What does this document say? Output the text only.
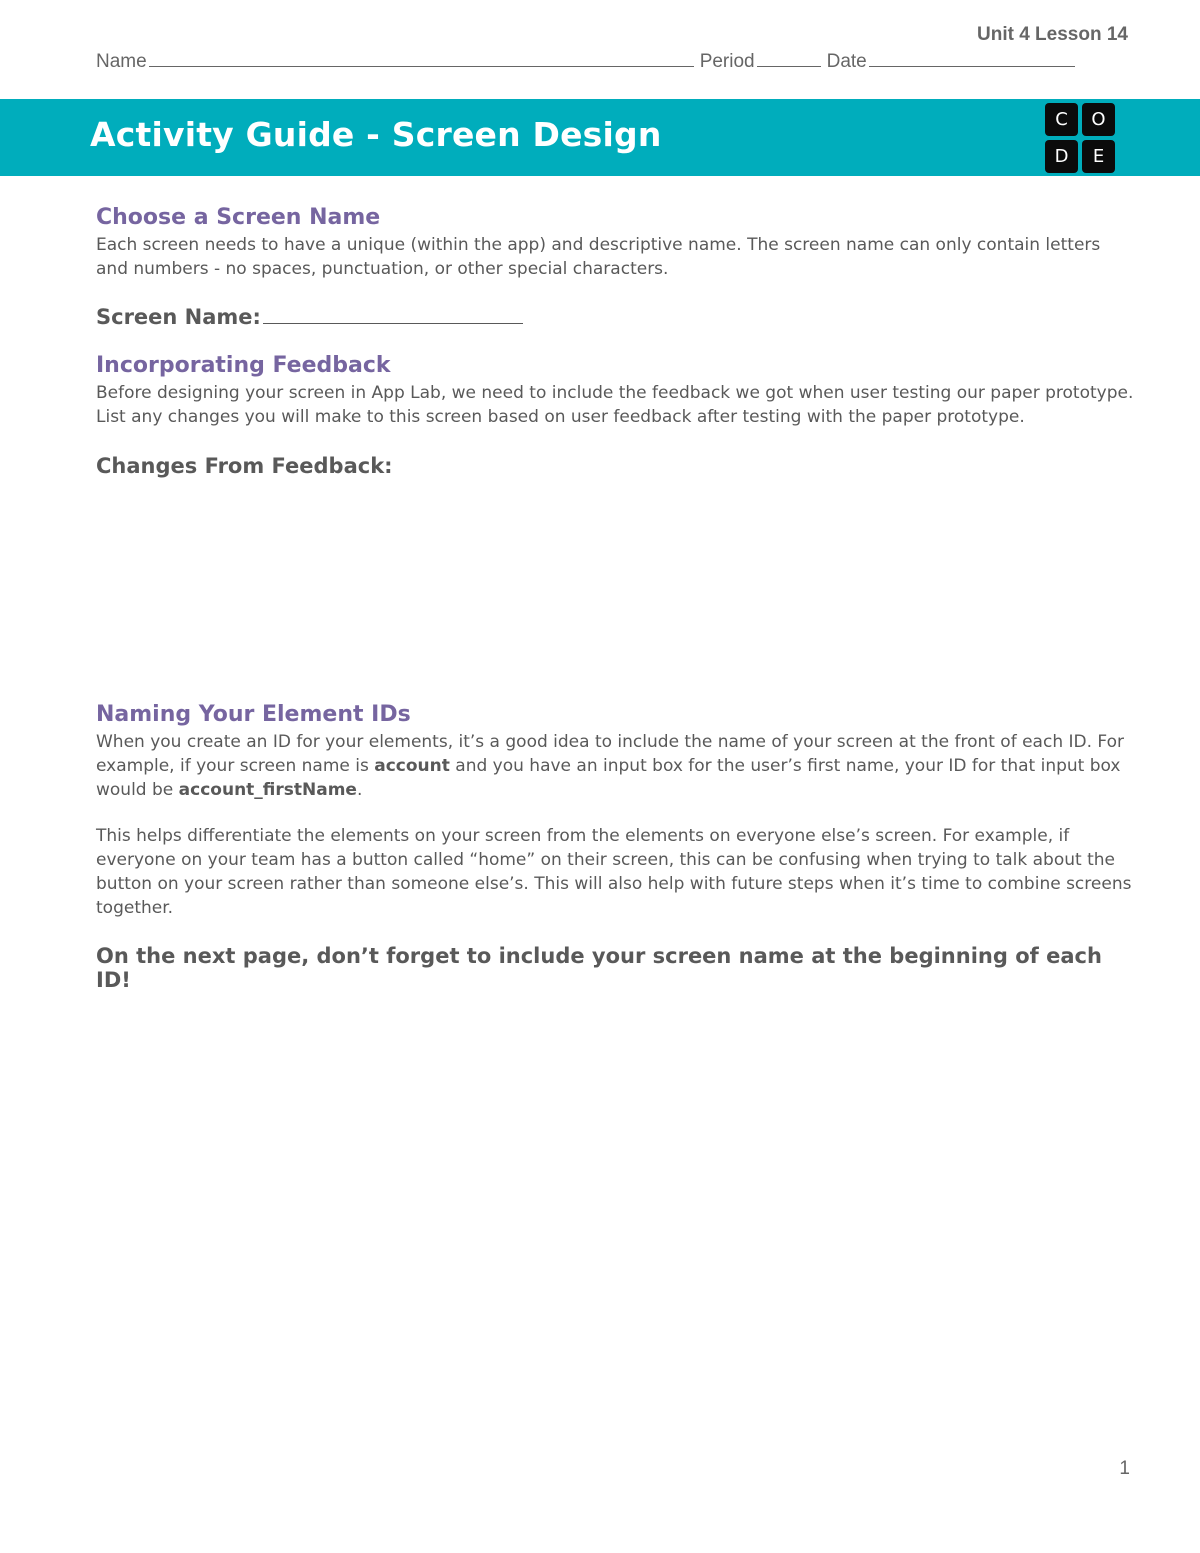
Unit 4 Lesson 14
Name	Period	Date
Activity Guide - Screen Design	C	O
D	E
Choose a Screen Name

Each screen needs to have a unique (within the app) and descriptive name. The screen name can only contain letters and numbers - no spaces, punctuation, or other special characters.

Screen Name:
Incorporating Feedback

Before designing your screen in App Lab, we need to include the feedback we got when user testing our paper prototype. List any changes you will make to this screen based on user feedback after testing with the paper prototype.

Changes From Feedback:
Naming Your Element IDs

When you create an ID for your elements, it’s a good idea to include the name of your screen at the front of each ID. For example, if your screen name is account and you have an input box for the user’s first name, your ID for that input box would be account_firstName.

This helps differentiate the elements on your screen from the elements on everyone else’s screen. For example, if everyone on your team has a button called “home” on their screen, this can be confusing when trying to talk about the button on your screen rather than someone else’s. This will also help with future steps when it’s time to combine screens together.

On the next page, don’t forget to include your screen name at the beginning of each ID!
1
